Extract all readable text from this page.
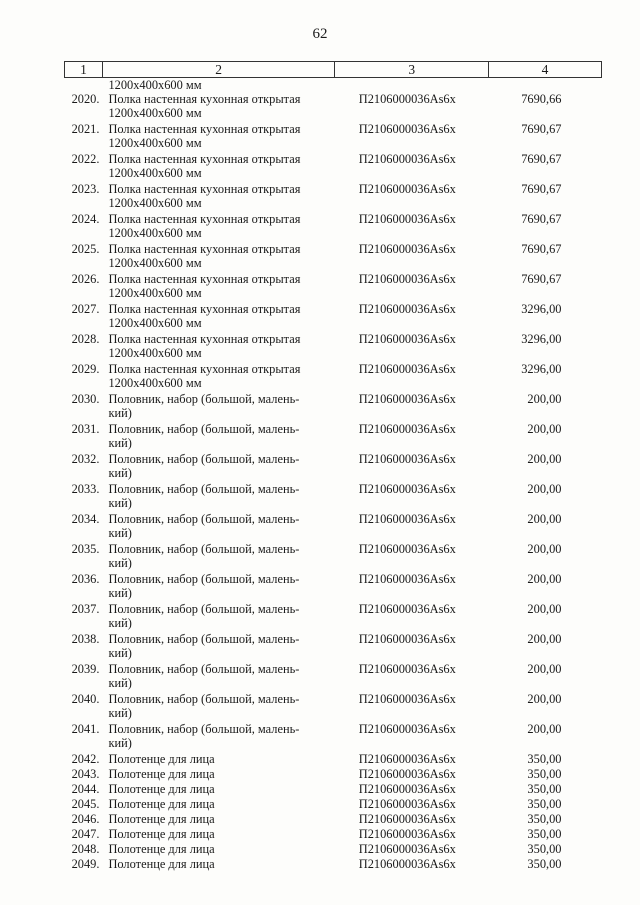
62
1	2	3	4

	1200x400x600 мм		

2020.	Полка настенная кухонная открытая
1200x400x600 мм	П2106000036Аs6х	7690,66
2021.	Полка настенная кухонная открытая
1200x400x600 мм	П2106000036Аs6х	7690,67
2022.	Полка настенная кухонная открытая
1200x400x600 мм	П2106000036Аs6х	7690,67
2023.	Полка настенная кухонная открытая
1200x400x600 мм	П2106000036Аs6х	7690,67
2024.	Полка настенная кухонная открытая
1200x400x600 мм	П2106000036Аs6х	7690,67
2025.	Полка настенная кухонная открытая
1200x400x600 мм	П2106000036Аs6х	7690,67
2026.	Полка настенная кухонная открытая
1200x400x600 мм	П2106000036Аs6х	7690,67
2027.	Полка настенная кухонная открытая
1200x400x600 мм	П2106000036Аs6х	3296,00
2028.	Полка настенная кухонная открытая
1200x400x600 мм	П2106000036Аs6х	3296,00
2029.	Полка настенная кухонная открытая
1200x400x600 мм	П2106000036Аs6х	3296,00
2030.	Половник, набор (большой, малень-
кий)	П2106000036Аs6х	200,00
2031.	Половник, набор (большой, малень-
кий)	П2106000036Аs6х	200,00
2032.	Половник, набор (большой, малень-
кий)	П2106000036Аs6х	200,00
2033.	Половник, набор (большой, малень-
кий)	П2106000036Аs6х	200,00
2034.	Половник, набор (большой, малень-
кий)	П2106000036Аs6х	200,00
2035.	Половник, набор (большой, малень-
кий)	П2106000036Аs6х	200,00
2036.	Половник, набор (большой, малень-
кий)	П2106000036Аs6х	200,00
2037.	Половник, набор (большой, малень-
кий)	П2106000036Аs6х	200,00
2038.	Половник, набор (большой, малень-
кий)	П2106000036Аs6х	200,00
2039.	Половник, набор (большой, малень-
кий)	П2106000036Аs6х	200,00
2040.	Половник, набор (большой, малень-
кий)	П2106000036Аs6х	200,00
2041.	Половник, набор (большой, малень-
кий)	П2106000036Аs6х	200,00
2042.	Полотенце для лица	П2106000036Аs6х	350,00
2043.	Полотенце для лица	П2106000036Аs6х	350,00
2044.	Полотенце для лица	П2106000036Аs6х	350,00
2045.	Полотенце для лица	П2106000036Аs6х	350,00
2046.	Полотенце для лица	П2106000036Аs6х	350,00
2047.	Полотенце для лица	П2106000036Аs6х	350,00
2048.	Полотенце для лица	П2106000036Аs6х	350,00
2049.	Полотенце для лица	П2106000036Аs6х	350,00
